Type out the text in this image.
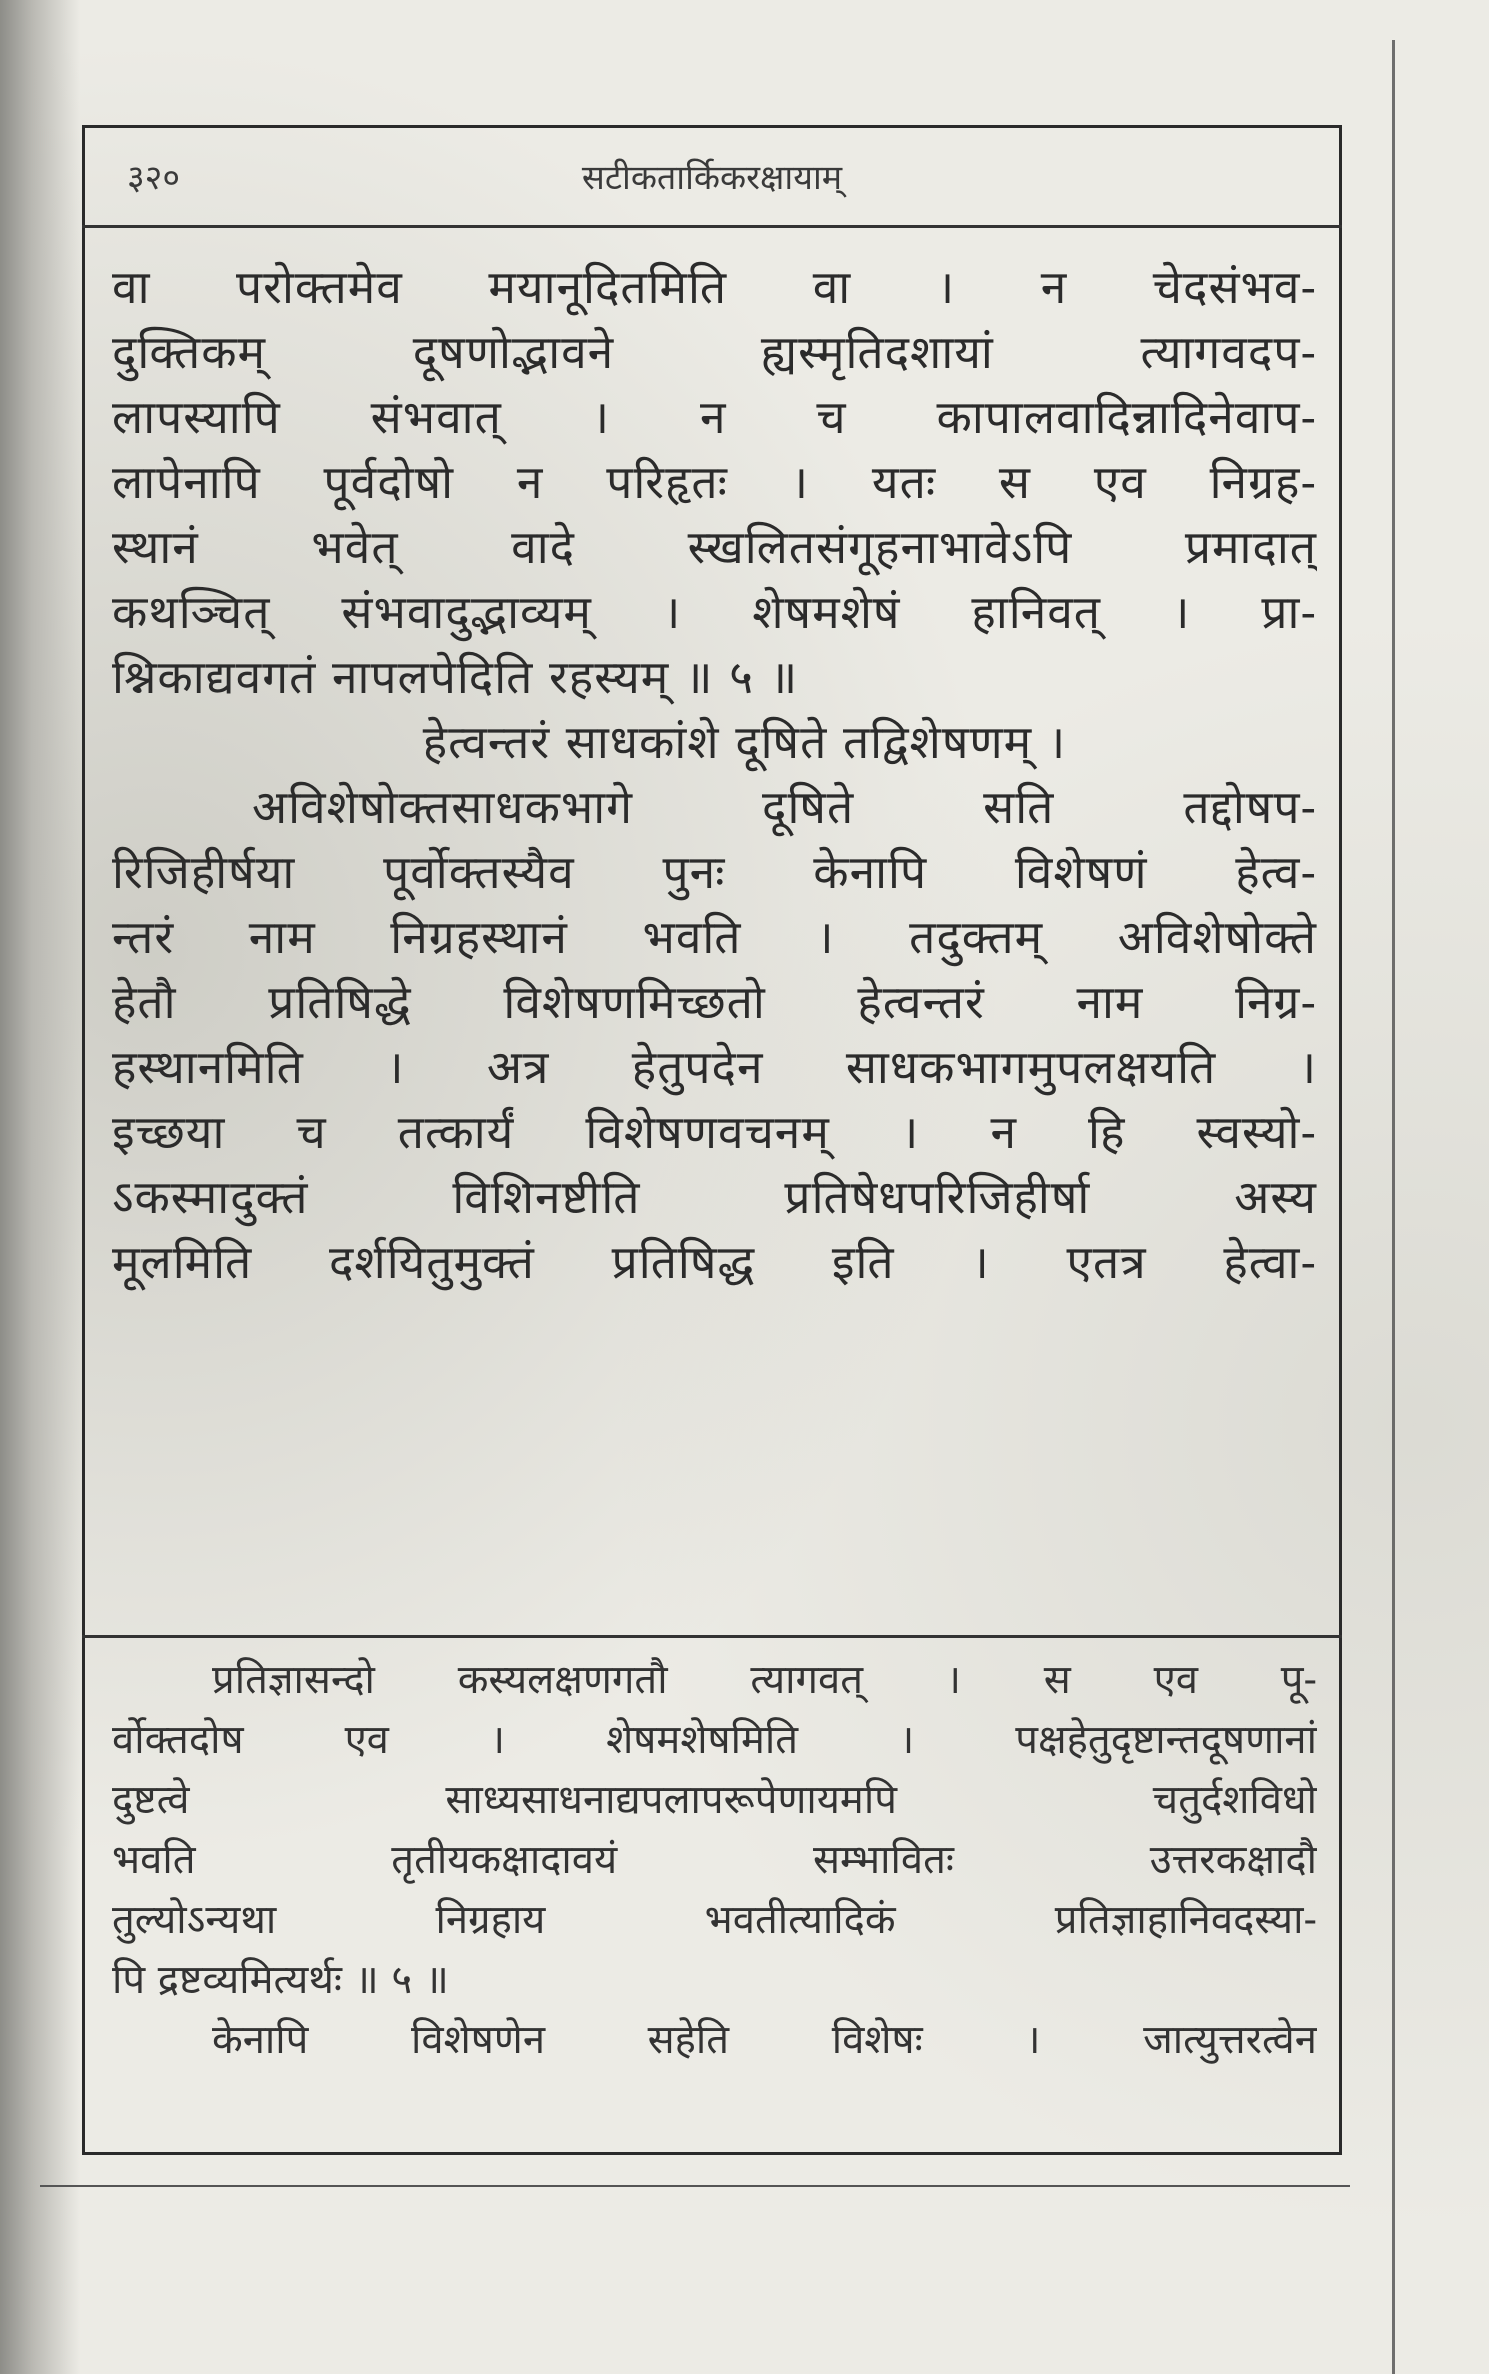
३२०	सटीकतार्किकरक्षायाम्
वा परोक्तमेव मयानूदितमिति वा । न चेदसंभव-
दुक्तिकम् दूषणोद्भावने ह्यस्मृतिदशायां त्यागवदप-
लापस्यापि संभवात् । न च कापालवादिन्नादिनेवाप-
लापेनापि पूर्वदोषो न परिहृतः । यतः स एव निग्रह-
स्थानं भवेत् वादे स्खलितसंगूहनाभावेऽपि प्रमादात्
कथञ्चित् संभवादुद्भाव्यम् । शेषमशेषं हानिवत् । प्रा-
श्निकाद्यवगतं नापलपेदिति रहस्यम् ॥ ५ ॥
हेत्वन्तरं साधकांशे दूषिते तद्विशेषणम् ।
अविशेषोक्तसाधकभागे दूषिते सति तद्दोषप-
रिजिहीर्षया पूर्वोक्तस्यैव पुनः केनापि विशेषणं हेत्व-
न्तरं नाम निग्रहस्थानं भवति । तदुक्तम् अविशेषोक्ते
हेतौ प्रतिषिद्धे विशेषणमिच्छतो हेत्वन्तरं नाम निग्र-
हस्थानमिति । अत्र हेतुपदेन साधकभागमुपलक्षयति ।
इच्छया च तत्कार्यं विशेषणवचनम् । न हि स्वस्यो-
ऽकस्मादुक्तं विशिनष्टीति प्रतिषेधपरिजिहीर्षा अस्य
मूलमिति दर्शयितुमुक्तं प्रतिषिद्ध इति । एतत्र हेत्वा-
प्रतिज्ञासन्दो कस्यलक्षणगतौ त्यागवत् । स एव पू-
र्वोक्तदोष एव । शेषमशेषमिति । पक्षहेतुदृष्टान्तदूषणानां
दुष्टत्वे साध्यसाधनाद्यपलापरूपेणायमपि चतुर्दशविधो
भवति तृतीयकक्षादावयं सम्भावितः उत्तरकक्षादौ
तुल्योऽन्यथा निग्रहाय भवतीत्यादिकं प्रतिज्ञाहानिवदस्या-
पि द्रष्टव्यमित्यर्थः ॥ ५ ॥
केनापि विशेषणेन सहेति विशेषः । जात्युत्तरत्वेन
